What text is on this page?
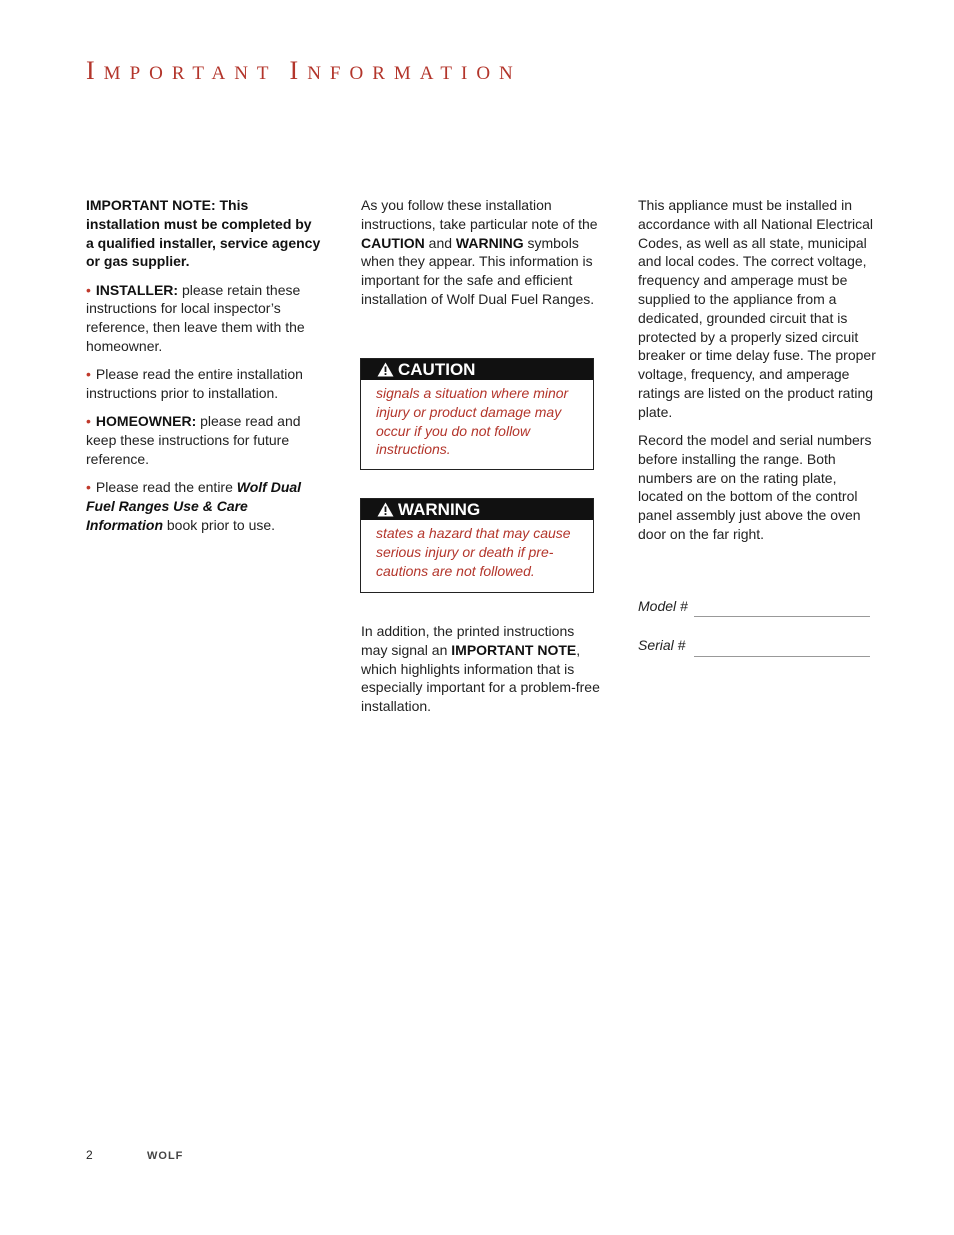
IMPORTANT INFORMATION

IMPORTANT NOTE: This installation must be completed by a qualified installer, service agency or gas supplier.

• INSTALLER: please retain these instructions for local inspector’s reference, then leave them with the homeowner.

• Please read the entire installation instructions prior to installation.

• HOMEOWNER: please read and keep these instructions for future reference.

• Please read the entire Wolf Dual Fuel Ranges Use & Care Information book prior to use.

As you follow these installation instructions, take particular note of the CAUTION and WARNING symbols when they appear. This information is important for the safe and efficient installation of Wolf Dual Fuel Ranges.

CAUTION
signals a situation where minor injury or product damage may occur if you do not follow instructions.
WARNING
states a hazard that may cause serious injury or death if pre-cautions are not followed.
In addition, the printed instructions may signal an IMPORTANT NOTE, which highlights information that is especially important for a problem-free installation.

This appliance must be installed in accordance with all National Electrical Codes, as well as all state, municipal and local codes. The correct voltage, frequency and amperage must be supplied to the appliance from a dedicated, grounded circuit that is protected by a properly sized circuit breaker or time delay fuse. The proper voltage, frequency, and amperage ratings are listed on the product rating plate.

Record the model and serial numbers before installing the range. Both numbers are on the rating plate, located on the bottom of the control panel assembly just above the oven door on the far right.

Model #
Serial #
2	WOLF
